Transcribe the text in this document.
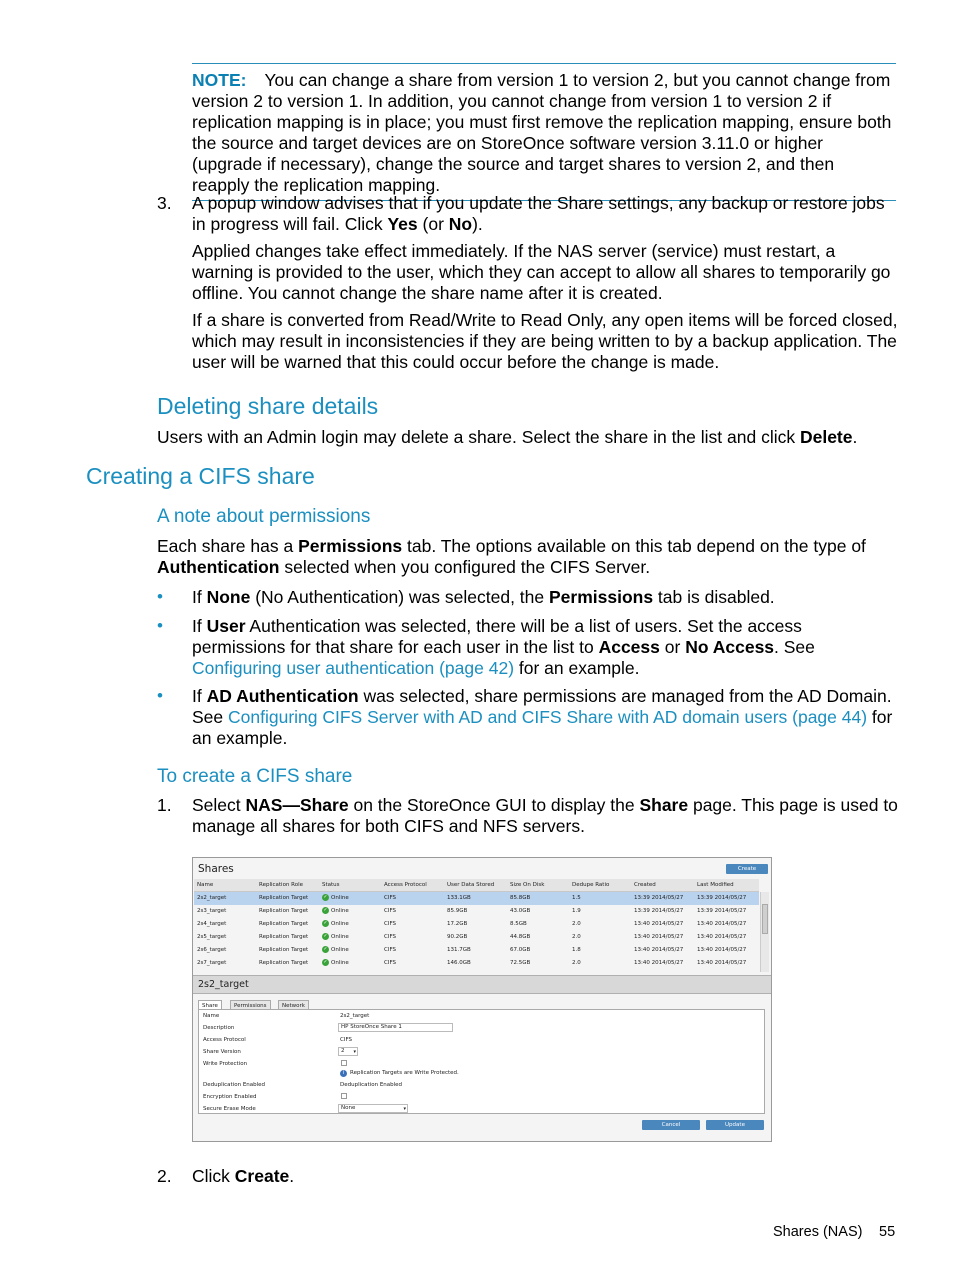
NOTE: You can change a share from version 1 to version 2, but you cannot change from version 2 to version 1. In addition, you cannot change from version 1 to version 2 if replication mapping is in place; you must first remove the replication mapping, ensure both the source and target devices are on StoreOnce software version 3.11.0 or higher (upgrade if necessary), change the source and target shares to version 2, and then reapply the replication mapping.
3. A popup window advises that if you update the Share settings, any backup or restore jobs in progress will fail. Click Yes (or No).
Applied changes take effect immediately. If the NAS server (service) must restart, a warning is provided to the user, which they can accept to allow all shares to temporarily go offline. You cannot change the share name after it is created.
If a share is converted from Read/Write to Read Only, any open items will be forced closed, which may result in inconsistencies if they are being written to by a backup application. The user will be warned that this could occur before the change is made.
Deleting share details
Users with an Admin login may delete a share. Select the share in the list and click Delete.
Creating a CIFS share
A note about permissions
Each share has a Permissions tab. The options available on this tab depend on the type of Authentication selected when you configured the CIFS Server.
• If None (No Authentication) was selected, the Permissions tab is disabled.
• If User Authentication was selected, there will be a list of users. Set the access permissions for that share for each user in the list to Access or No Access. See Configuring user authentication (page 42) for an example.
• If AD Authentication was selected, share permissions are managed from the AD Domain. See Configuring CIFS Server with AD and CIFS Share with AD domain users (page 44) for an example.
To create a CIFS share
1. Select NAS—Share on the StoreOnce GUI to display the Share page. This page is used to manage all shares for both CIFS and NFS servers.
Shares	Create
Name	Replication Role	Status	Access Protocol	User Data Stored	Size On Disk	Dedupe Ratio	Created	Last Modified
2s2_target	Replication Target	✓ Online	CIFS	133.1GB	85.8GB	1.5	13:39 2014/05/27 13:39 2014/05/27
2s3_target	Replication Target	✓ Online	CIFS	85.9GB	43.0GB	1.9	13:39 2014/05/27 13:39 2014/05/27
2s4_target	Replication Target	✓ Online	CIFS	17.2GB	8.5GB	2.0	13:40 2014/05/27 13:40 2014/05/27
2s5_target	Replication Target	✓ Online	CIFS	90.2GB	44.8GB	2.0	13:40 2014/05/27 13:40 2014/05/27
2s6_target	Replication Target	✓ Online	CIFS	131.7GB	67.0GB	1.8	13:40 2014/05/27 13:40 2014/05/27
2s7_target	Replication Target	✓ Online	CIFS	146.0GB	72.5GB	2.0	13:40 2014/05/27 13:40 2014/05/27
2s2_target
Share	Permissions	Network
Name	2s2_target
Description	HP StoreOnce Share 1
Access Protocol	CIFS
Share Version	2 ▾
Write Protection
i Replication Targets are Write Protected.
Deduplication Enabled	Deduplication Enabled
Encryption Enabled
Secure Erase Mode	None	▾
Cancel	Update
2. Click Create.
Shares (NAS) 55
